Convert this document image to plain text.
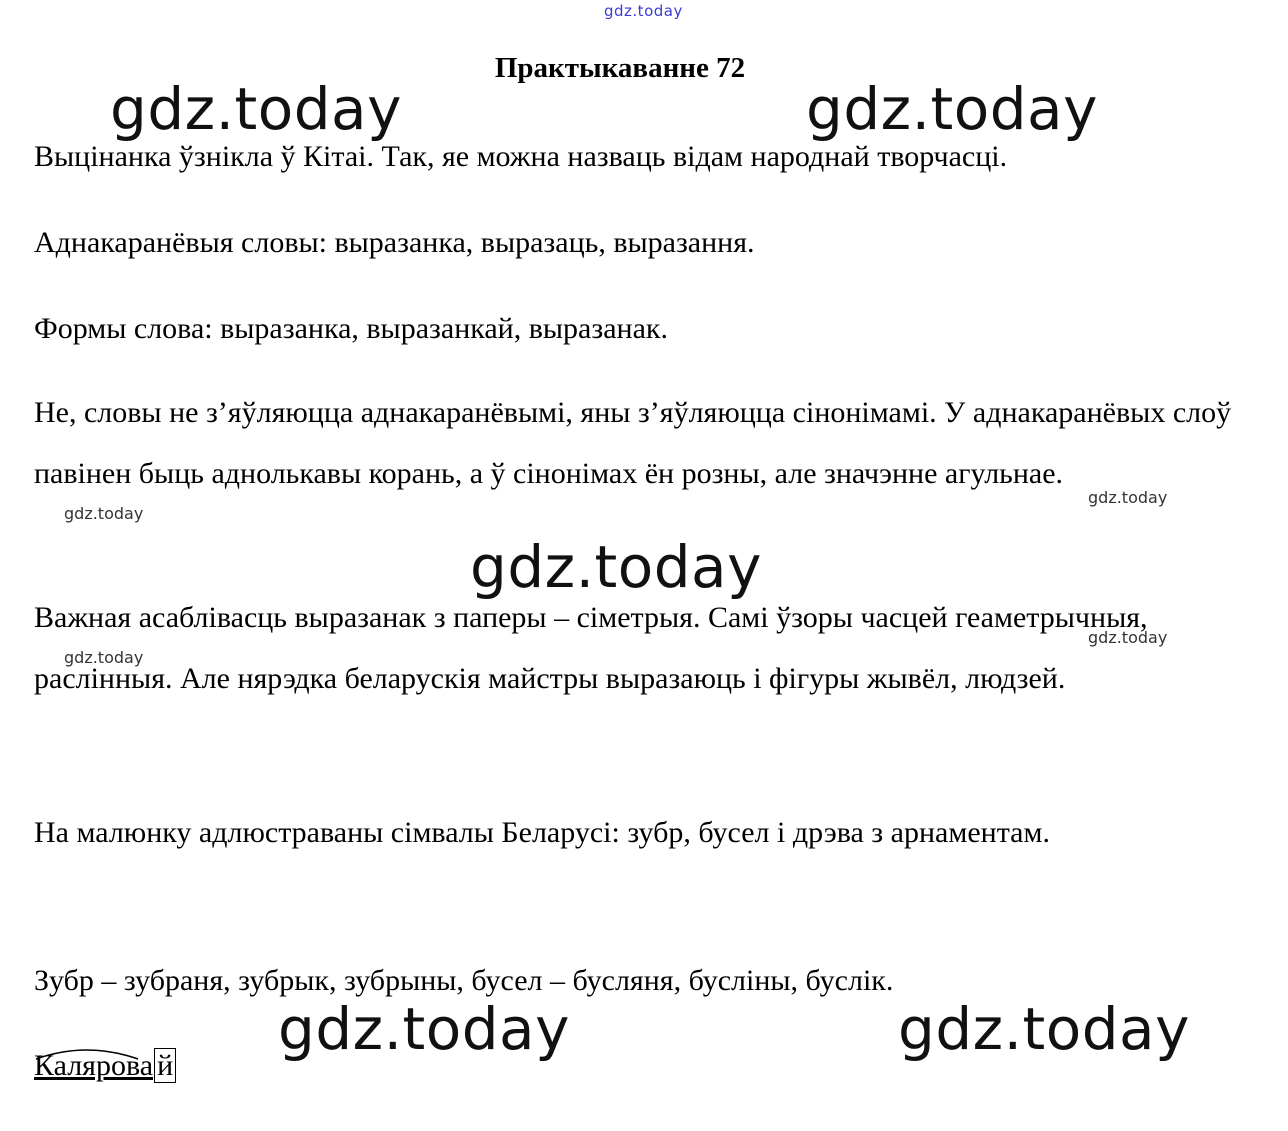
gdz.today
Практыкаванне 72

Выцінанка ўзнікла ў Кітаі. Так, яе можна назваць відам народнай творчасці.

Аднакаранёвыя словы: выразанка, выразаць, выразання.

Формы слова: выразанка, выразанкай, выразанак.

Не, словы не з’яўляюцца аднакаранёвымі, яны з’яўляюцца сінонімамі. У аднакаранёвых слоў павінен быць аднолькавы корань, а ў сінонімах ён розны, але значэнне агульнае.

Важная асаблівасць выразанак з паперы – сіметрыя. Самі ўзоры часцей геаметрычныя, раслінныя. Але нярэдка беларускія майстры выразаюць і фігуры жывёл, людзей.

На малюнку адлюстраваны сімвалы Беларусі: зубр, бусел і дрэва з арнаментам.

Зубр – зубраня, зубрык, зубрыны, бусел – бусляня, буслiны, буслік.

Калярова й
gdz.today	gdz.today
gdz.today
gdz.today	gdz.today
gdz.today
gdz.today
gdz.today
gdz.today
